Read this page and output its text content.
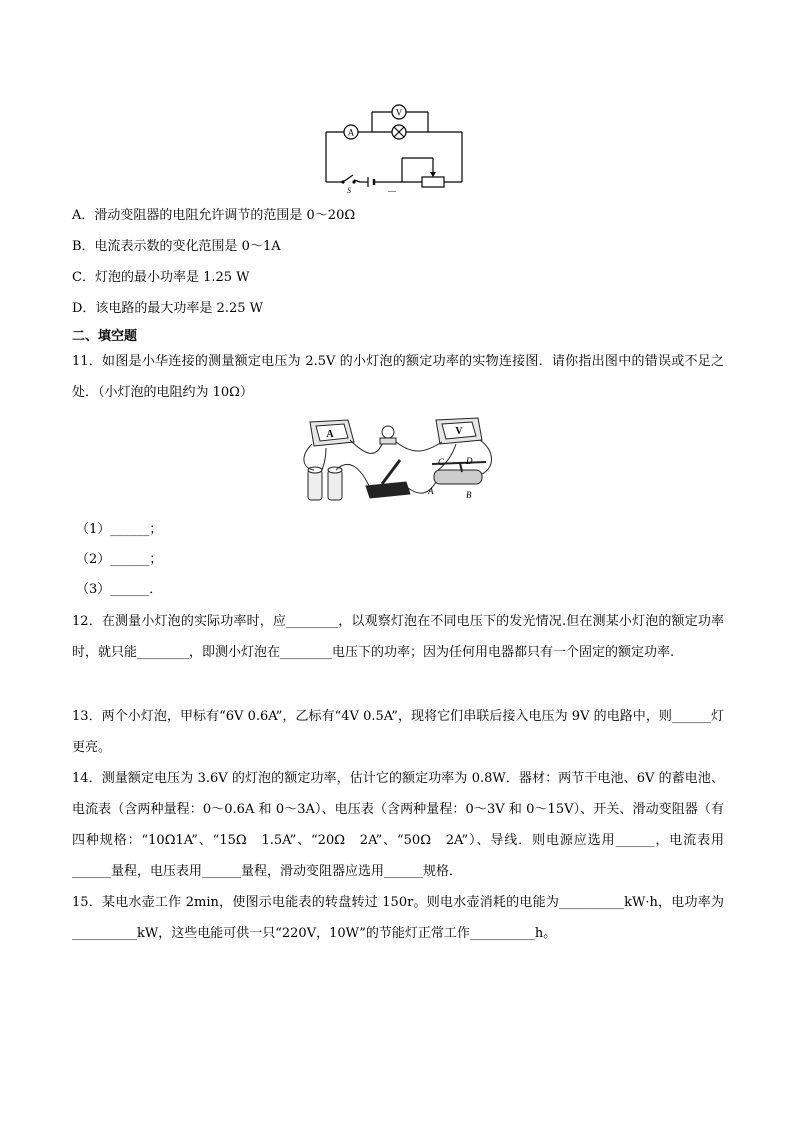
A
V
S	—
A．滑动变阻器的电阻允许调节的范围是 0～20Ω
B．电流表示数的变化范围是 0～1A
C．灯泡的最小功率是 1.25 W
D．该电路的最大功率是 2.25 W
二、填空题
11．如图是小华连接的测量额定电压为 2.5V 的小灯泡的额定功率的实物连接图．请你指出图中的错误或不足之处．（小灯泡的电阻约为 10Ω）
A	V
C D
A	B
（1）______；
（2）______；
（3）______．
12．在测量小灯泡的实际功率时，应________，以观察灯泡在不同电压下的发光情况.但在测某小灯泡的额定功率时，就只能________，即测小灯泡在________电压下的功率；因为任何用电器都只有一个固定的额定功率.
13．两个小灯泡，甲标有“6V 0.6A”，乙标有“4V 0.5A”，现将它们串联后接入电压为 9V 的电路中，则______灯更亮。
14．测量额定电压为 3.6V 的灯泡的额定功率，估计它的额定功率为 0.8W．器材：两节干电池、6V 的蓄电池、电流表（含两种量程：0～0.6A 和 0～3A）、电压表（含两种量程：0～3V 和 0～15V）、开关、滑动变阻器（有四种规格：“10Ω1A”、“15Ω　1.5A”、“20Ω　2A”、“50Ω　2A”）、导线．则电源应选用______，电流表用______量程，电压表用______量程，滑动变阻器应选用______规格．
15．某电水壶工作 2min，使图示电能表的转盘转过 150r。则电水壶消耗的电能为__________kW·h，电功率为__________kW，这些电能可供一只“220V，10W”的节能灯正常工作__________h。
